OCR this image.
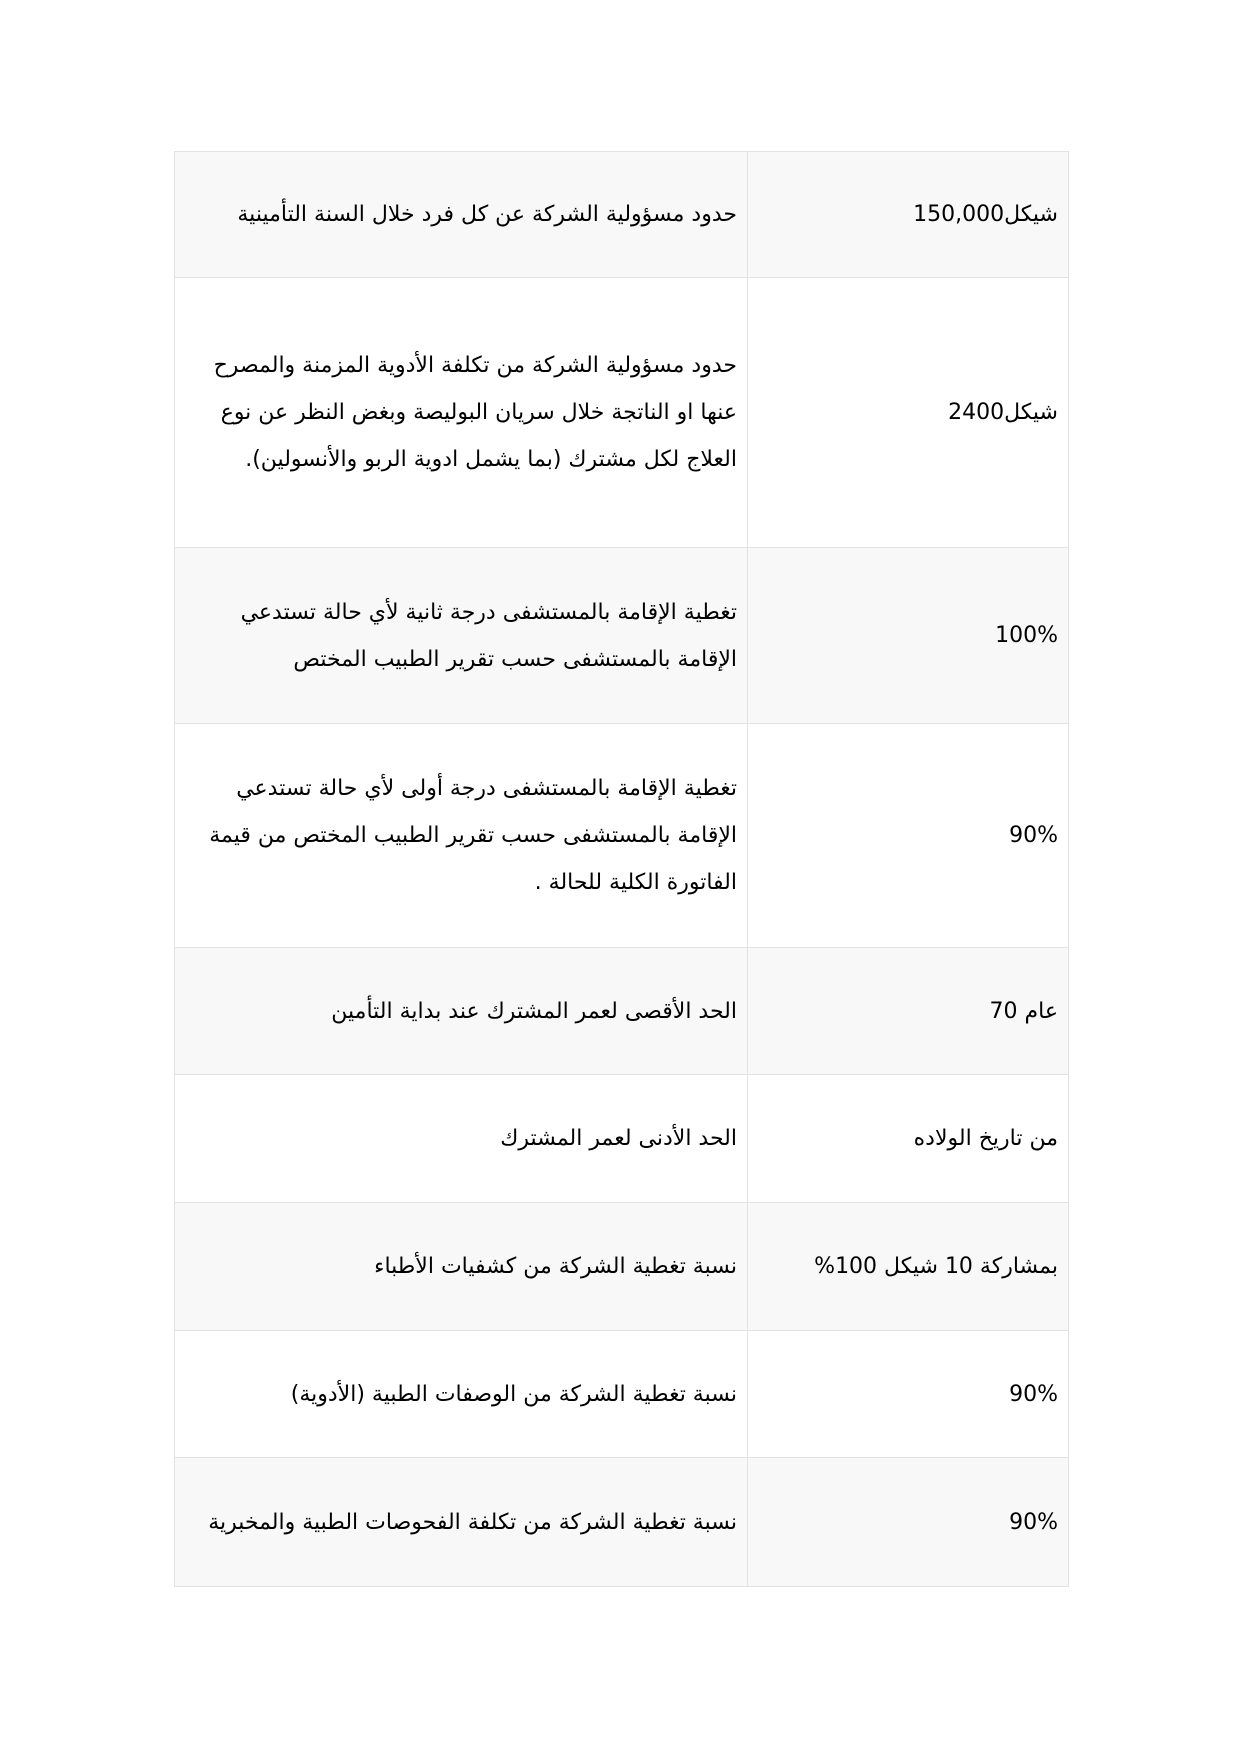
حدود مسؤولية الشركة عن كل فرد خلال السنة التأمينية	شيكل150,000
حدود مسؤولية الشركة من تكلفة الأدوية المزمنة والمصرح عنها او الناتجة خلال سريان البوليصة وبغض النظر عن نوع العلاج لكل مشترك (بما يشمل ادوية الربو والأنسولين).	شيكل2400
تغطية الإقامة بالمستشفى درجة ثانية لأي حالة تستدعي الإقامة بالمستشفى حسب تقرير الطبيب المختص	100%
تغطية الإقامة بالمستشفى درجة أولى لأي حالة تستدعي الإقامة بالمستشفى حسب تقرير الطبيب المختص من قيمة الفاتورة الكلية للحالة .	90%
الحد الأقصى لعمر المشترك عند بداية التأمين	عام 70
الحد الأدنى لعمر المشترك	من تاريخ الولاده
نسبة تغطية الشركة من كشفيات الأطباء	بمشاركة 10 شيكل 100%
نسبة تغطية الشركة من الوصفات الطبية (الأدوية)	90%
نسبة تغطية الشركة من تكلفة الفحوصات الطبية والمخبرية	90%
